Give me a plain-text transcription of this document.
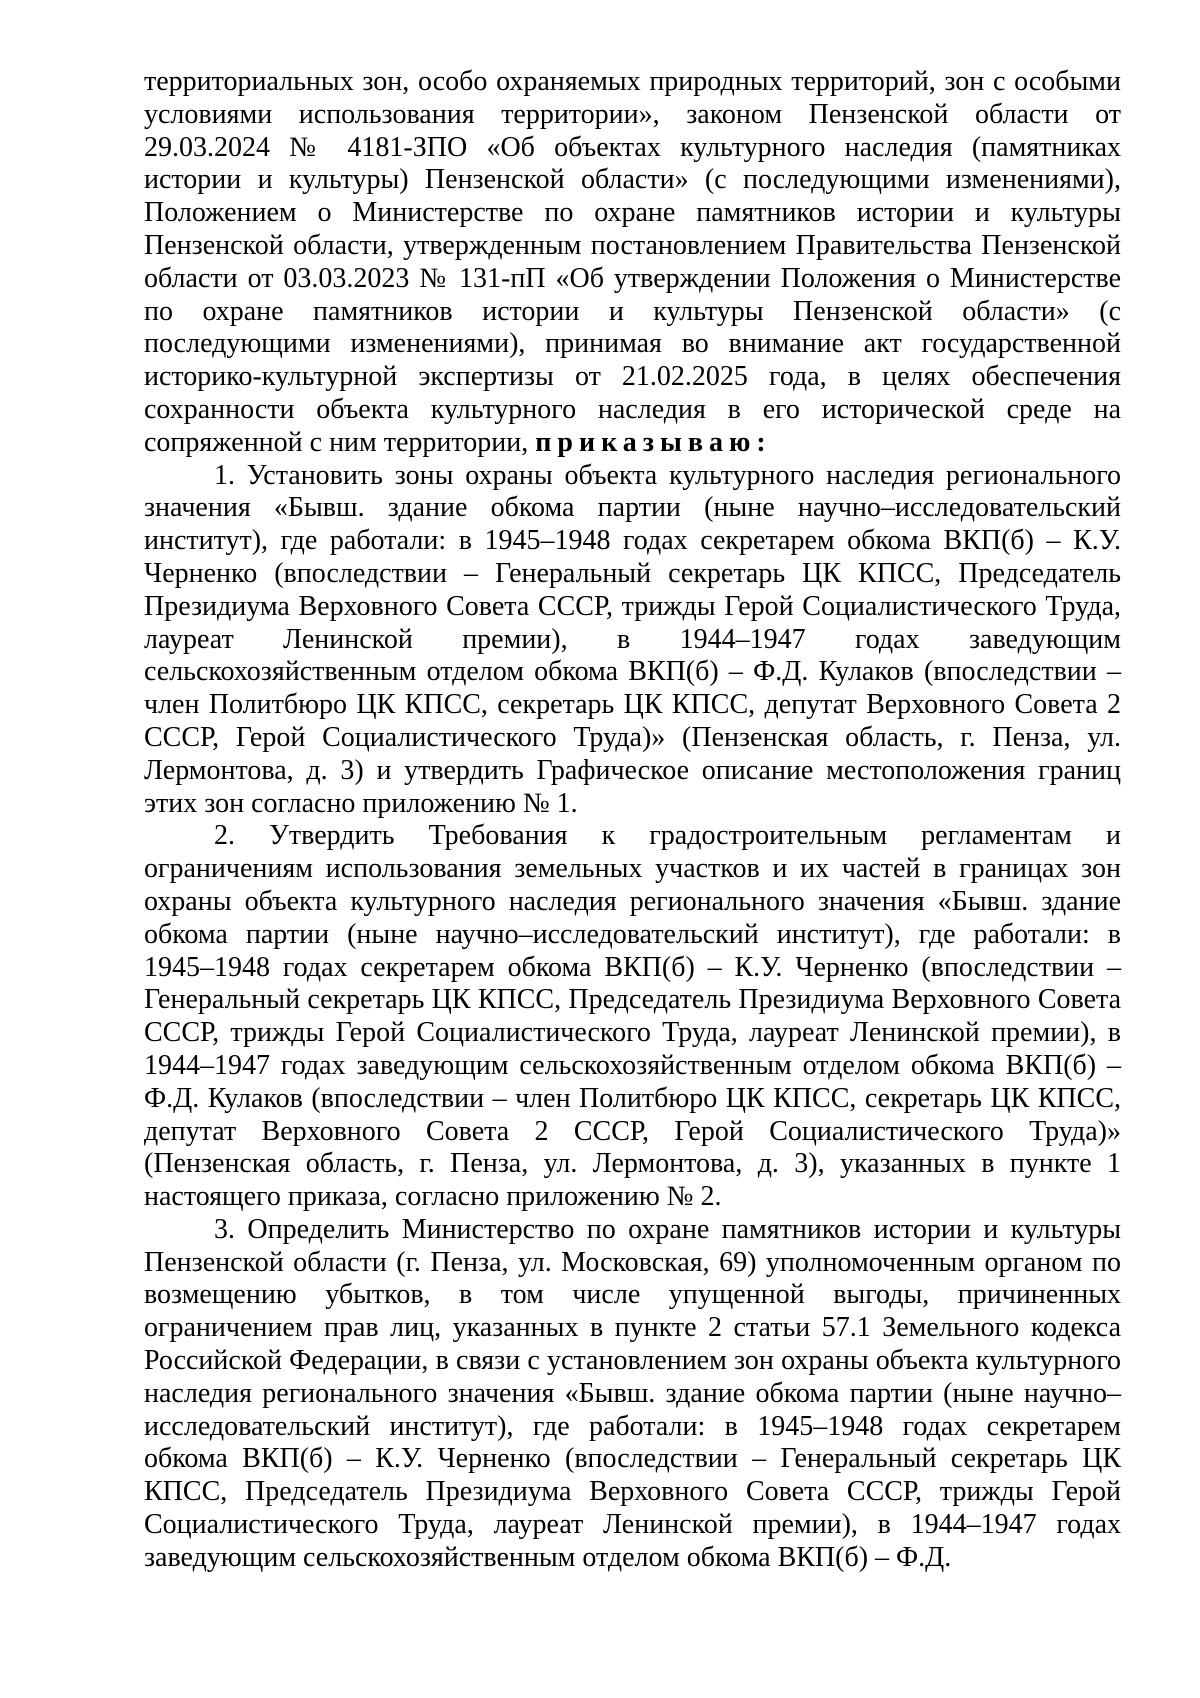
территориальных зон, особо охраняемых природных территорий, зон с особыми условиями использования территории», законом Пензенской области от 29.03.2024 № 4181-ЗПО «Об объектах культурного наследия (памятниках истории и культуры) Пензенской области» (с последующими изменениями), Положением о Министерстве по охране памятников истории и культуры Пензенской области, утвержденным постановлением Правительства Пензенской области от 03.03.2023 № 131-пП «Об утверждении Положения о Министерстве по охране памятников истории и культуры Пензенской области» (с последующими изменениями), принимая во внимание акт государственной историко-культурной экспертизы от 21.02.2025 года, в целях обеспечения сохранности объекта культурного наследия в его исторической среде на сопряженной с ним территории, приказываю:

1. Установить зоны охраны объекта культурного наследия регионального значения «Бывш. здание обкома партии (ныне научно–исследовательский институт), где работали: в 1945–1948 годах секретарем обкома ВКП(б) – К.У. Черненко (впоследствии – Генеральный секретарь ЦК КПСС, Председатель Президиума Верховного Совета СССР, трижды Герой Социалистического Труда, лауреат Ленинской премии), в 1944–1947 годах заведующим сельскохозяйственным отделом обкома ВКП(б) – Ф.Д. Кулаков (впоследствии – член Политбюро ЦК КПСС, секретарь ЦК КПСС, депутат Верховного Совета 2 СССР, Герой Социалистического Труда)» (Пензенская область, г. Пенза, ул. Лермонтова, д. 3) и утвердить Графическое описание местоположения границ этих зон согласно приложению № 1.

2. Утвердить Требования к градостроительным регламентам и ограничениям использования земельных участков и их частей в границах зон охраны объекта культурного наследия регионального значения «Бывш. здание обкома партии (ныне научно–исследовательский институт), где работали: в 1945–1948 годах секретарем обкома ВКП(б) – К.У. Черненко (впоследствии – Генеральный секретарь ЦК КПСС, Председатель Президиума Верховного Совета СССР, трижды Герой Социалистического Труда, лауреат Ленинской премии), в 1944–1947 годах заведующим сельскохозяйственным отделом обкома ВКП(б) – Ф.Д. Кулаков (впоследствии – член Политбюро ЦК КПСС, секретарь ЦК КПСС, депутат Верховного Совета 2 СССР, Герой Социалистического Труда)» (Пензенская область, г. Пенза, ул. Лермонтова, д. 3), указанных в пункте 1 настоящего приказа, согласно приложению № 2.

3. Определить Министерство по охране памятников истории и культуры Пензенской области (г. Пенза, ул. Московская, 69) уполномоченным органом по возмещению убытков, в том числе упущенной выгоды, причиненных ограничением прав лиц, указанных в пункте 2 статьи 57.1 Земельного кодекса Российской Федерации, в связи с установлением зон охраны объекта культурного наследия регионального значения «Бывш. здание обкома партии (ныне научно–исследовательский институт), где работали: в 1945–1948 годах секретарем обкома ВКП(б) – К.У. Черненко (впоследствии – Генеральный секретарь ЦК КПСС, Председатель Президиума Верховного Совета СССР, трижды Герой Социалистического Труда, лауреат Ленинской премии), в 1944–1947 годах заведующим сельскохозяйственным отделом обкома ВКП(б) – Ф.Д.
